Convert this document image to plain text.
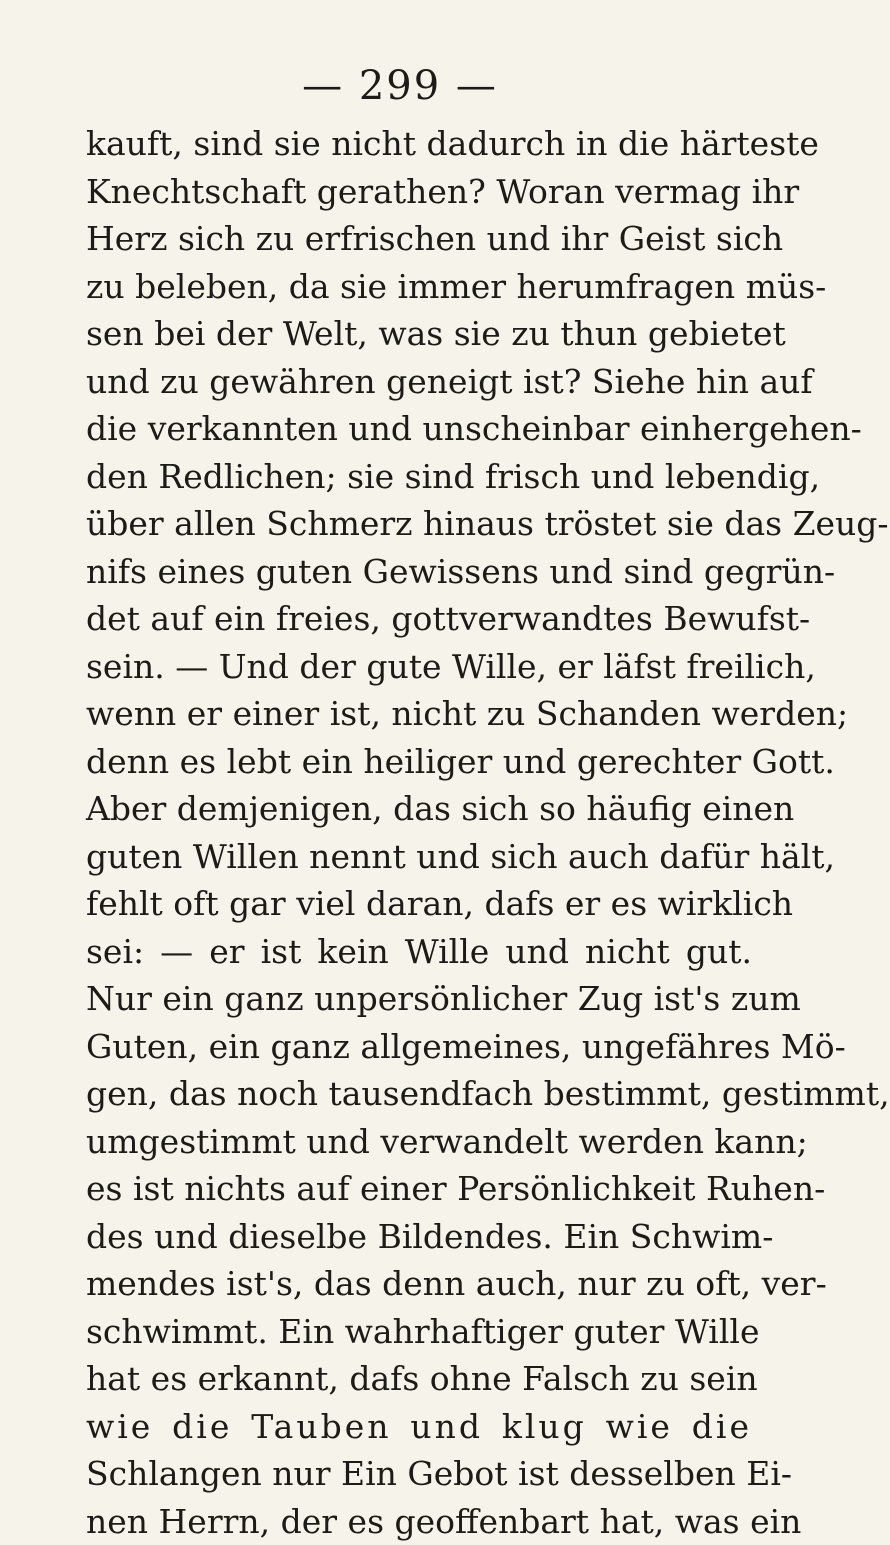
— 299 —
kauft, sind sie nicht dadurch in die härteste
Knechtschaft gerathen? Woran vermag ihr
Herz sich zu erfrischen und ihr Geist sich
zu beleben, da sie immer herumfragen müs-
sen bei der Welt, was sie zu thun gebietet
und zu gewähren geneigt ist? Siehe hin auf
die verkannten und unscheinbar einhergehen-
den Redlichen; sie sind frisch und lebendig,
über allen Schmerz hinaus tröstet sie das Zeug-
nifs eines guten Gewissens und sind gegrün-
det auf ein freies, gottverwandtes Bewufst-
sein. — Und der gute Wille, er läfst freilich,
wenn er einer ist, nicht zu Schanden werden;
denn es lebt ein heiliger und gerechter Gott.
Aber demjenigen, das sich so häufig einen
guten Willen nennt und sich auch dafür hält,
fehlt oft gar viel daran, dafs er es wirklich
sei: — er ist kein Wille und nicht gut.
Nur ein ganz unpersönlicher Zug ist's zum
Guten, ein ganz allgemeines, ungefähres Mö-
gen, das noch tausendfach bestimmt, gestimmt,
umgestimmt und verwandelt werden kann;
es ist nichts auf einer Persönlichkeit Ruhen-
des und dieselbe Bildendes. Ein Schwim-
mendes ist's, das denn auch, nur zu oft, ver-
schwimmt. Ein wahrhaftiger guter Wille
hat es erkannt, dafs ohne Falsch zu sein
wie die Tauben und klug wie die
Schlangen nur Ein Gebot ist desselben Ei-
nen Herrn, der es geoffenbart hat, was ein
